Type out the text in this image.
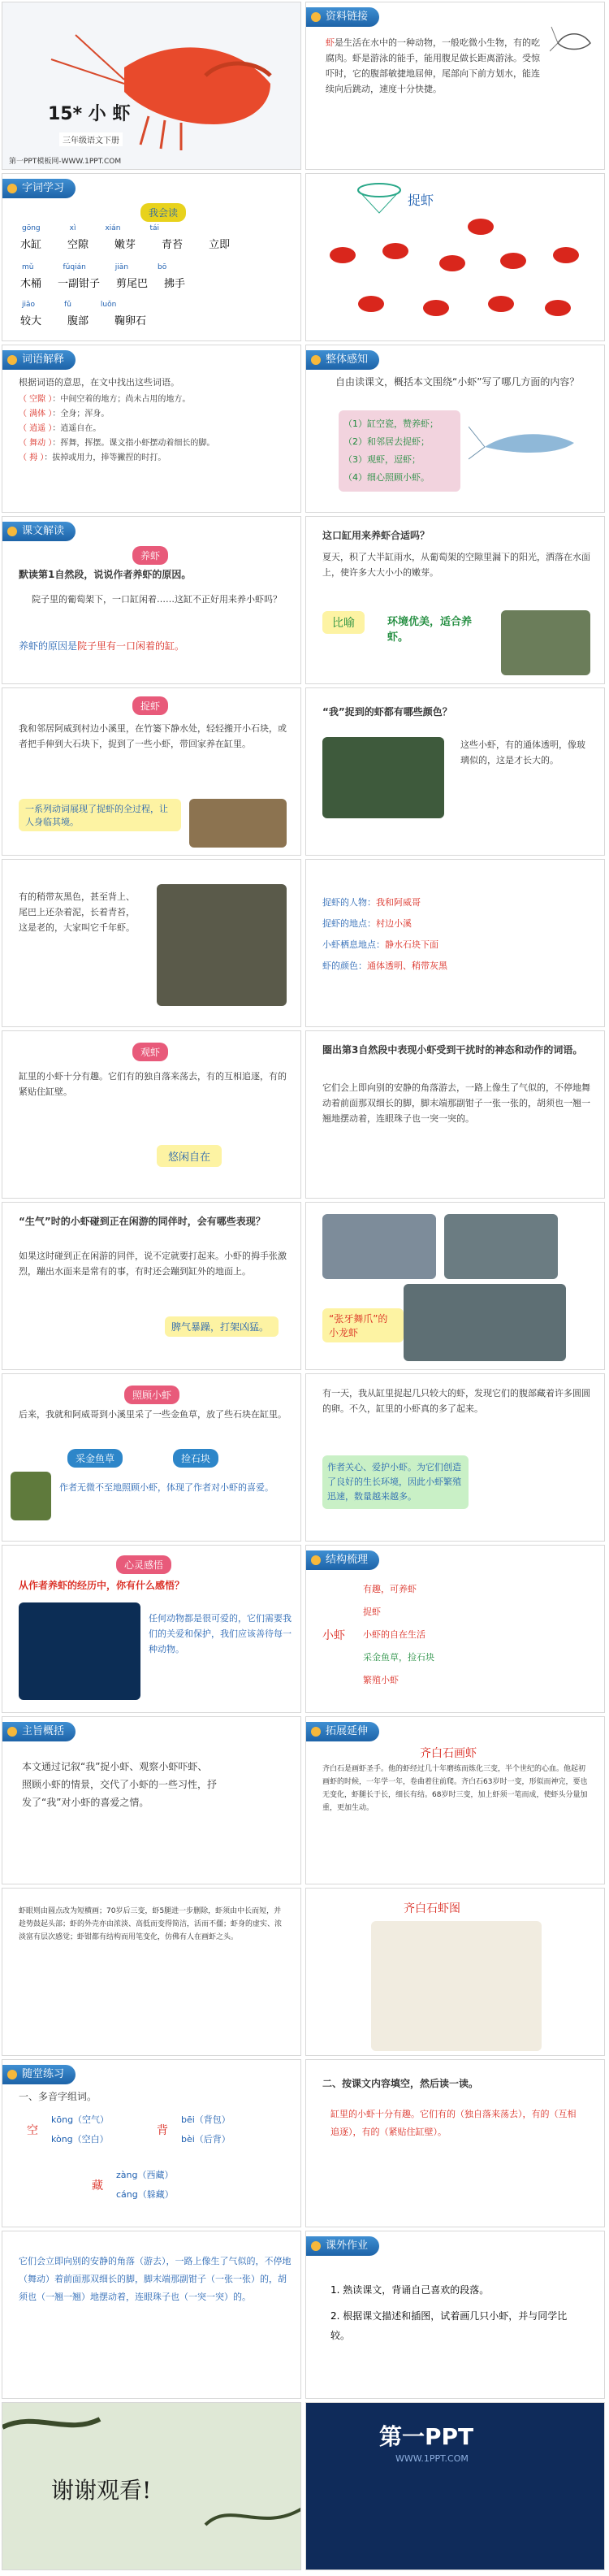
15* 小 虾
三年级语文下册
第一PPT模板网-WWW.1PPT.COM
资料链接
虾是生活在水中的一种动物，一般吃微小生物，有的吃腐肉。虾是游泳的能手，能用腹足做长距离游泳。受惊吓时，它的腹部敏捷地屈伸，尾部向下前方划水，能连续向后跳动，速度十分快捷。
字词学习
我会读
gōng	xì	xián	tái
水缸 空隙 嫩芽 青苔 立即
mǔ	fǔqián	jiān	bō
木桶 一副钳子 剪尾巴 拂手
jiāo	fǔ	luǒn
较大 腹部 鞠卵石
捉虾
词语解释
根据词语的意思，在文中找出这些词语。
（ 空隙 ）：中间空着的地方；尚未占用的地方。
（ 满体 ）：全身；浑身。
（ 逍遥 ）：逍遥自在。
（ 舞动 ）：挥舞，挥摆。课文指小虾摆动着细长的脚。
（ 拇 ）：拔掉或用力，捧等撇捏的时打。
整体感知
自由读课文，概括本文围绕“小虾”写了哪几方面的内容？
（1）缸空瓷，赞养虾；
（2）和邻居去捉虾；
（3）观虾，逗虾；
（4）细心照顾小虾。
课文解读
养虾
默读第1自然段，说说作者养虾的原因。
院子里的葡萄架下，一口缸闲着……这缸不正好用来养小虾吗？
养虾的原因是院子里有一口闲着的缸。
这口缸用来养虾合适吗？
夏天，积了大半缸雨水，从葡萄架的空隙里漏下的阳光，洒落在水面上，使许多大大小小的嫩芽。
比喻	环境优美，适合养虾。
捉虾
我和邻居阿威到村边小溪里，在竹篓下静水处，轻轻搬开小石块，或者把手伸到大石块下，捉到了一些小虾，带回家养在缸里。
一系列动词展现了捉虾的全过程，让人身临其境。
“我”捉到的虾都有哪些颜色？
这些小虾，有的通体透明，像玻璃似的，这是才长大的。
有的稍带灰黑色，甚至背上、尾巴上还杂着泥，长着青苔，这是老的，大家叫它千年虾。
捉虾的人物：我和阿威哥
捉虾的地点：村边小溪
小虾栖息地点：静水石块下面
虾的颜色：通体透明、稍带灰黑
观虾
缸里的小虾十分有趣。它们有的独自落来荡去，有的互相追逐，有的紧贴住缸壁。
悠闲自在
圈出第3自然段中表现小虾受到干扰时的神态和动作的词语。
它们会上即向别的安静的角落游去，一路上像生了气似的，不停地舞动着前面那双细长的脚，脚末端那副钳子一张一张的，胡须也一翘一翘地摆动着，连眼珠子也一突一突的。
“生气”时的小虾碰到正在闲游的同伴时，会有哪些表现？
如果这时碰到正在闲游的同伴，说不定就要打起来。小虾的拇手张激烈，蹦出水面来是常有的事，有时还会蹦到缸外的地面上。
脾气暴躁，打架凶猛。
“张牙舞爪”的小龙虾
照顾小虾
后来，我就和阿威哥到小溪里采了一些金鱼草，放了些石块在缸里。
采金鱼草	捡石块
作者无微不至地照顾小虾，体现了作者对小虾的喜爱。
有一天，我从缸里捉起几只较大的虾，发现它们的腹部藏着许多圆圆的卵。不久，缸里的小虾真的多了起来。
作者关心、爱护小虾。为它们创造了良好的生长环境，因此小虾繁殖迅速，数量越来越多。
心灵感悟
从作者养虾的经历中，你有什么感悟？
任何动物都是很可爱的，它们需要我们的关爱和保护，我们应该善待每一种动物。
结构梳理
小虾
有趣，可养虾
捉虾
小虾的自在生活
采金鱼草，捡石块
繁殖小虾
主旨概括
本文通过记叙“我”捉小虾、观察小虾吓虾、照顾小虾的情景，交代了小虾的一些习性，抒发了“我”对小虾的喜爱之情。
拓展延伸
齐白石画虾
齐白石是画虾圣手。他的虾经过几十年磨练而炼化三变，半个世纪的心血。他起初画虾的时候，一年学一年，卷曲着往前爬。齐白石63岁时一变，形似而神完，要也无变化，虾腿长于长，细长有结。68岁时三变，加上虾须一笔而成，使虾头分量加重，更加生动。
虾眼则由圆点改为短横画；70岁后三变，虾5腿进一步删除，虾须由中长而短，并趁势鼓起头部；虾的外壳亦由浓淡、高低而变得简洁，活而不僵；虾身的虚实、浓淡富有层次感觉；虾钳都有结构而用笔变化，仿佛有人在画虾之头。
齐白石虾图
随堂练习
一、多音字组词。
空
kōng（空气）
kòng（空白）
背
bēi（背包）
bèi（后背）
藏
zàng（西藏）
cáng（躲藏）
二、按课文内容填空，然后读一读。
缸里的小虾十分有趣。它们有的（独自落来荡去），有的（互相追逐），有的（紧贴住缸壁）。
它们会立即向别的安静的角落（游去），一路上像生了气似的，不停地（舞动）着前面那双细长的脚，脚末端那副钳子（一张一张）的，胡须也（一翘一翘）地摆动着，连眼珠子也（一突一突）的。
课外作业
1. 熟读课文，背诵自己喜欢的段落。
2. 根据课文描述和插图，试着画几只小虾，并与同学比较。
谢谢观看!
第一PPT
WWW.1PPT.COM
